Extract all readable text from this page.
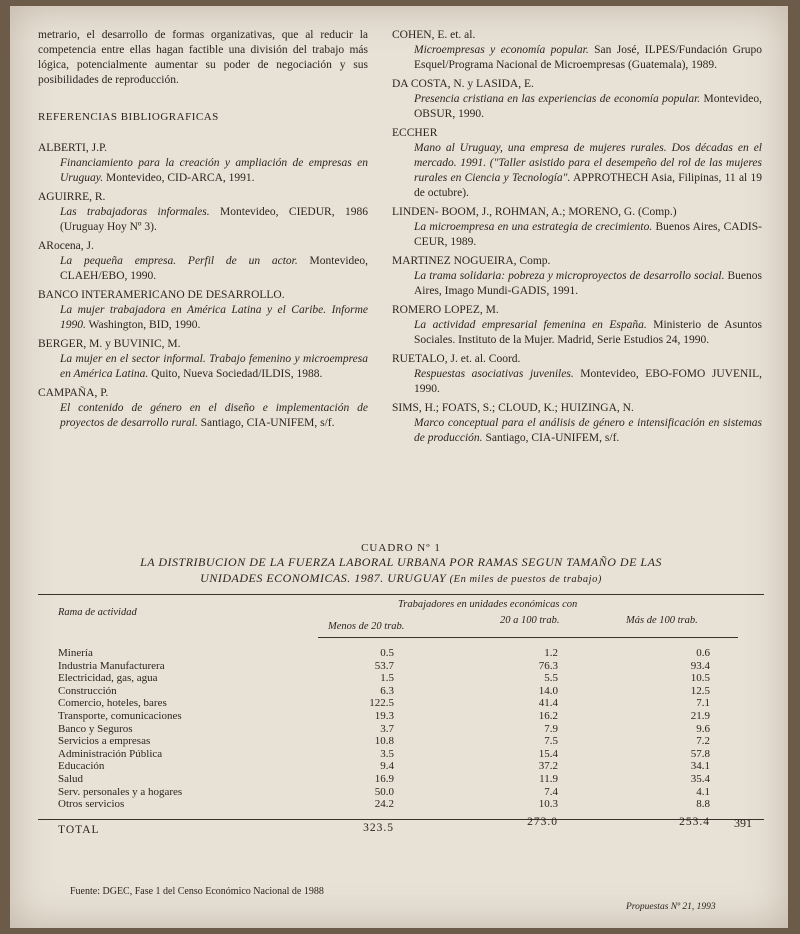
metrario, el desarrollo de formas organizativas, que al reducir la competencia entre ellas hagan factible una división del trabajo más lógica, potencialmente aumentar su poder de negociación y sus posibilidades de reproducción.

REFERENCIAS BIBLIOGRAFICAS

ALBERTI, J.P.
Financiamiento para la creación y ampliación de empresas en Uruguay. Montevideo, CID-ARCA, 1991.
AGUIRRE, R.
Las trabajadoras informales. Montevideo, CIEDUR, 1986 (Uruguay Hoy Nº 3).
ARocena, J.
La pequeña empresa. Perfil de un actor. Montevideo, CLAEH/EBO, 1990.
BANCO INTERAMERICANO DE DESARROLLO.
La mujer trabajadora en América Latina y el Caribe. Informe 1990. Washington, BID, 1990.
BERGER, M. y BUVINIC, M.
La mujer en el sector informal. Trabajo femenino y microempresa en América Latina. Quito, Nueva Sociedad/ILDIS, 1988.
CAMPAÑA, P.
El contenido de género en el diseño e implementación de proyectos de desarrollo rural. Santiago, CIA-UNIFEM, s/f.
COHEN, E. et. al.
Microempresas y economía popular. San José, ILPES/Fundación Grupo Esquel/Programa Nacional de Microempresas (Guatemala), 1989.
DA COSTA, N. y LASIDA, E.
Presencia cristiana en las experiencias de economía popular. Montevideo, OBSUR, 1990.
ECCHER
Mano al Uruguay, una empresa de mujeres rurales. Dos décadas en el mercado. 1991. ("Taller asistido para el desempeño del rol de las mujeres rurales en Ciencia y Tecnología". APPROTHECH Asia, Filipinas, 11 al 19 de octubre).
LINDEN- BOOM, J., ROHMAN, A.; MORENO, G. (Comp.)
La microempresa en una estrategia de crecimiento. Buenos Aires, CADIS-CEUR, 1989.
MARTINEZ NOGUEIRA, Comp.
La trama solidaria: pobreza y microproyectos de desarrollo social. Buenos Aires, Imago Mundi-GADIS, 1991.
ROMERO LOPEZ, M.
La actividad empresarial femenina en España. Ministerio de Asuntos Sociales. Instituto de la Mujer. Madrid, Serie Estudios 24, 1990.
RUETALO, J. et. al. Coord.
Respuestas asociativas juveniles. Montevideo, EBO-FOMO JUVENIL, 1990.
SIMS, H.; FOATS, S.; CLOUD, K.; HUIZINGA, N.
Marco conceptual para el análisis de género e intensificación en sistemas de producción. Santiago, CIA-UNIFEM, s/f.
CUADRO Nº 1
LA DISTRIBUCION DE LA FUERZA LABORAL URBANA POR RAMAS SEGUN TAMAÑO DE LAS
UNIDADES ECONOMICAS. 1987. URUGUAY (En miles de puestos de trabajo)
Rama de actividad
Trabajadores en unidades económicas con
Menos de 20 trab.
20 a 100 trab.	Más de 100 trab.
Minería	0.5	1.2	0.6
Industria Manufacturera	53.7	76.3	93.4
Electricidad, gas, agua	1.5	5.5	10.5
Construcción	6.3	14.0	12.5
Comercio, hoteles, bares	122.5	41.4	7.1
Transporte, comunicaciones	19.3	16.2	21.9
Banco y Seguros	3.7	7.9	9.6
Servicios a empresas	10.8	7.5	7.2
Administración Pública	3.5	15.4	57.8
Educación	9.4	37.2	34.1
Salud	16.9	11.9	35.4
Serv. personales y a hogares	50.0	7.4	4.1
Otros servicios	24.2	10.3	8.8
TOTAL	323.5	273.0	253.4 391
Fuente: DGEC, Fase 1 del Censo Económico Nacional de 1988
Propuestas Nº 21, 1993
